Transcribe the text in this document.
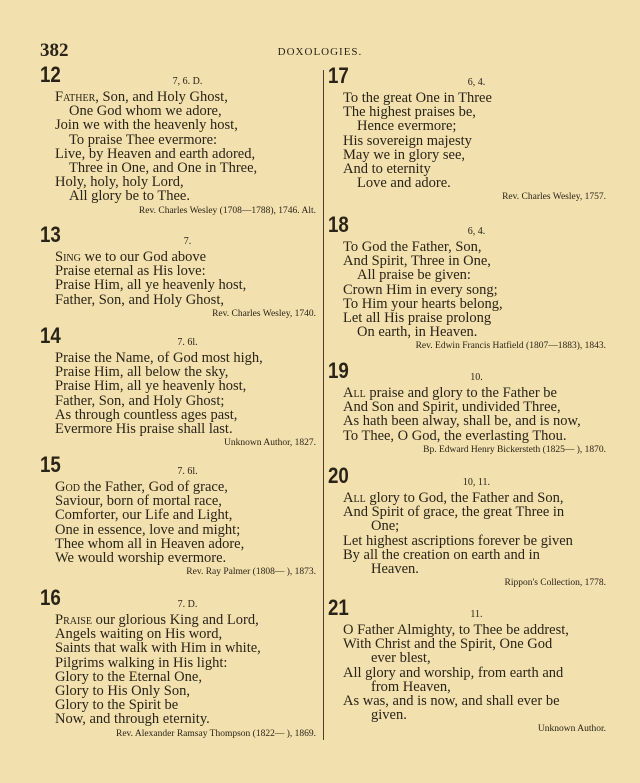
382	DOXOLOGIES.
12	7, 6. D.
Father, Son, and Holy Ghost,
One God whom we adore,
Join we with the heavenly host,
To praise Thee evermore:
Live, by Heaven and earth adored,
Three in One, and One in Three,
Holy, holy, holy Lord,
All glory be to Thee.
Rev. Charles Wesley (1708—1788), 1746. Alt.
13	7.
Sing we to our God above
Praise eternal as His love:
Praise Him, all ye heavenly host,
Father, Son, and Holy Ghost,
Rev. Charles Wesley, 1740.
14	7. 6l.
Praise the Name, of God most high,
Praise Him, all below the sky,
Praise Him, all ye heavenly host,
Father, Son, and Holy Ghost;
As through countless ages past,
Evermore His praise shall last.
Unknown Author, 1827.
15	7. 6l.
God the Father, God of grace,
Saviour, born of mortal race,
Comforter, our Life and Light,
One in essence, love and might;
Thee whom all in Heaven adore,
We would worship evermore.
Rev. Ray Palmer (1808— ), 1873.
16	7. D.
Praise our glorious King and Lord,
Angels waiting on His word,
Saints that walk with Him in white,
Pilgrims walking in His light:
Glory to the Eternal One,
Glory to His Only Son,
Glory to the Spirit be
Now, and through eternity.
Rev. Alexander Ramsay Thompson (1822— ), 1869.
17	6, 4.
To the great One in Three
The highest praises be,
Hence evermore;
His sovereign majesty
May we in glory see,
And to eternity
Love and adore.
Rev. Charles Wesley, 1757.
18	6, 4.
To God the Father, Son,
And Spirit, Three in One,
All praise be given:
Crown Him in every song;
To Him your hearts belong,
Let all His praise prolong
On earth, in Heaven.
Rev. Edwin Francis Hatfield (1807—1883), 1843.
19	10.
All praise and glory to the Father be
And Son and Spirit, undivided Three,
As hath been alway, shall be, and is now,
To Thee, O God, the everlasting Thou.
Bp. Edward Henry Bickersteth (1825— ), 1870.
20	10, 11.
All glory to God, the Father and Son,
And Spirit of grace, the great Three in
One;
Let highest ascriptions forever be given
By all the creation on earth and in
Heaven.
Rippon's Collection, 1778.
21	11.
O Father Almighty, to Thee be addrest,
With Christ and the Spirit, One God
ever blest,
All glory and worship, from earth and
from Heaven,
As was, and is now, and shall ever be
given.
Unknown Author.
